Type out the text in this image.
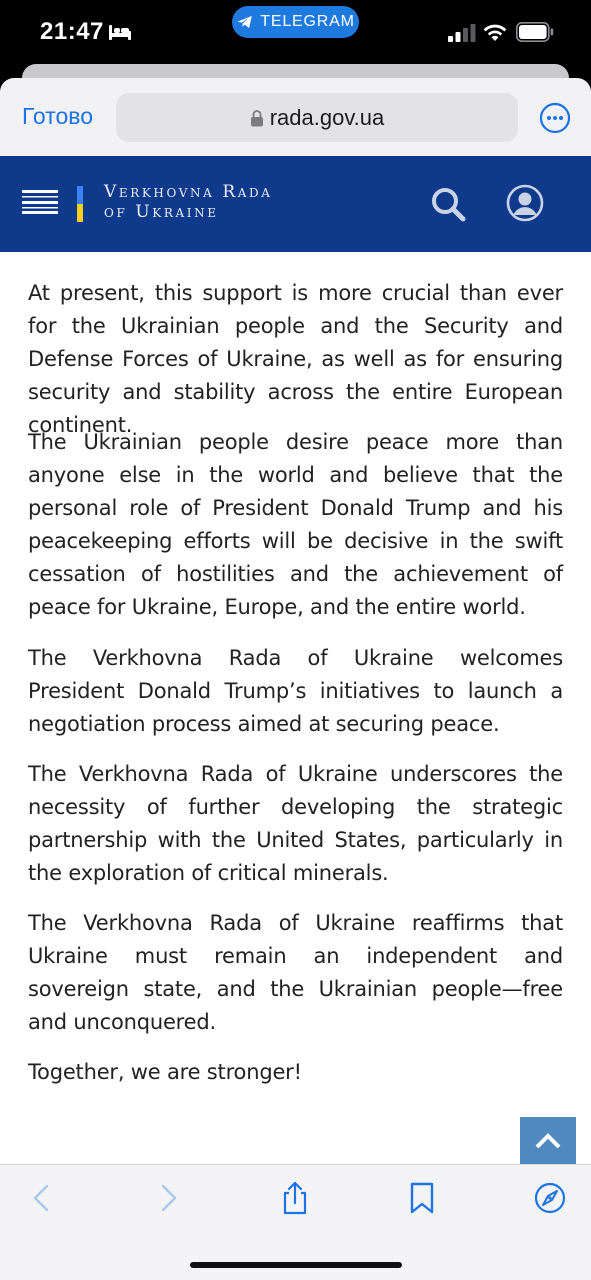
21:47	TELEGRAM
Готово	rada.gov.ua
Verkhovna Rada
of Ukraine

At present, this support is more crucial than ever for the Ukrainian people and the Security and Defense Forces of Ukraine, as well as for ensuring security and stability across the entire European continent.

The Ukrainian people desire peace more than anyone else in the world and believe that the personal role of President Donald Trump and his peacekeeping efforts will be decisive in the swift cessation of hostilities and the achievement of peace for Ukraine, Europe, and the entire world.

The Verkhovna Rada of Ukraine welcomes President Donald Trump’s initiatives to launch a negotiation process aimed at securing peace.

The Verkhovna Rada of Ukraine underscores the necessity of further developing the strategic partnership with the United States, particularly in the exploration of critical minerals.

The Verkhovna Rada of Ukraine reaffirms that Ukraine must remain an independent and sovereign state, and the Ukrainian people—free and unconquered.

Together, we are stronger!
